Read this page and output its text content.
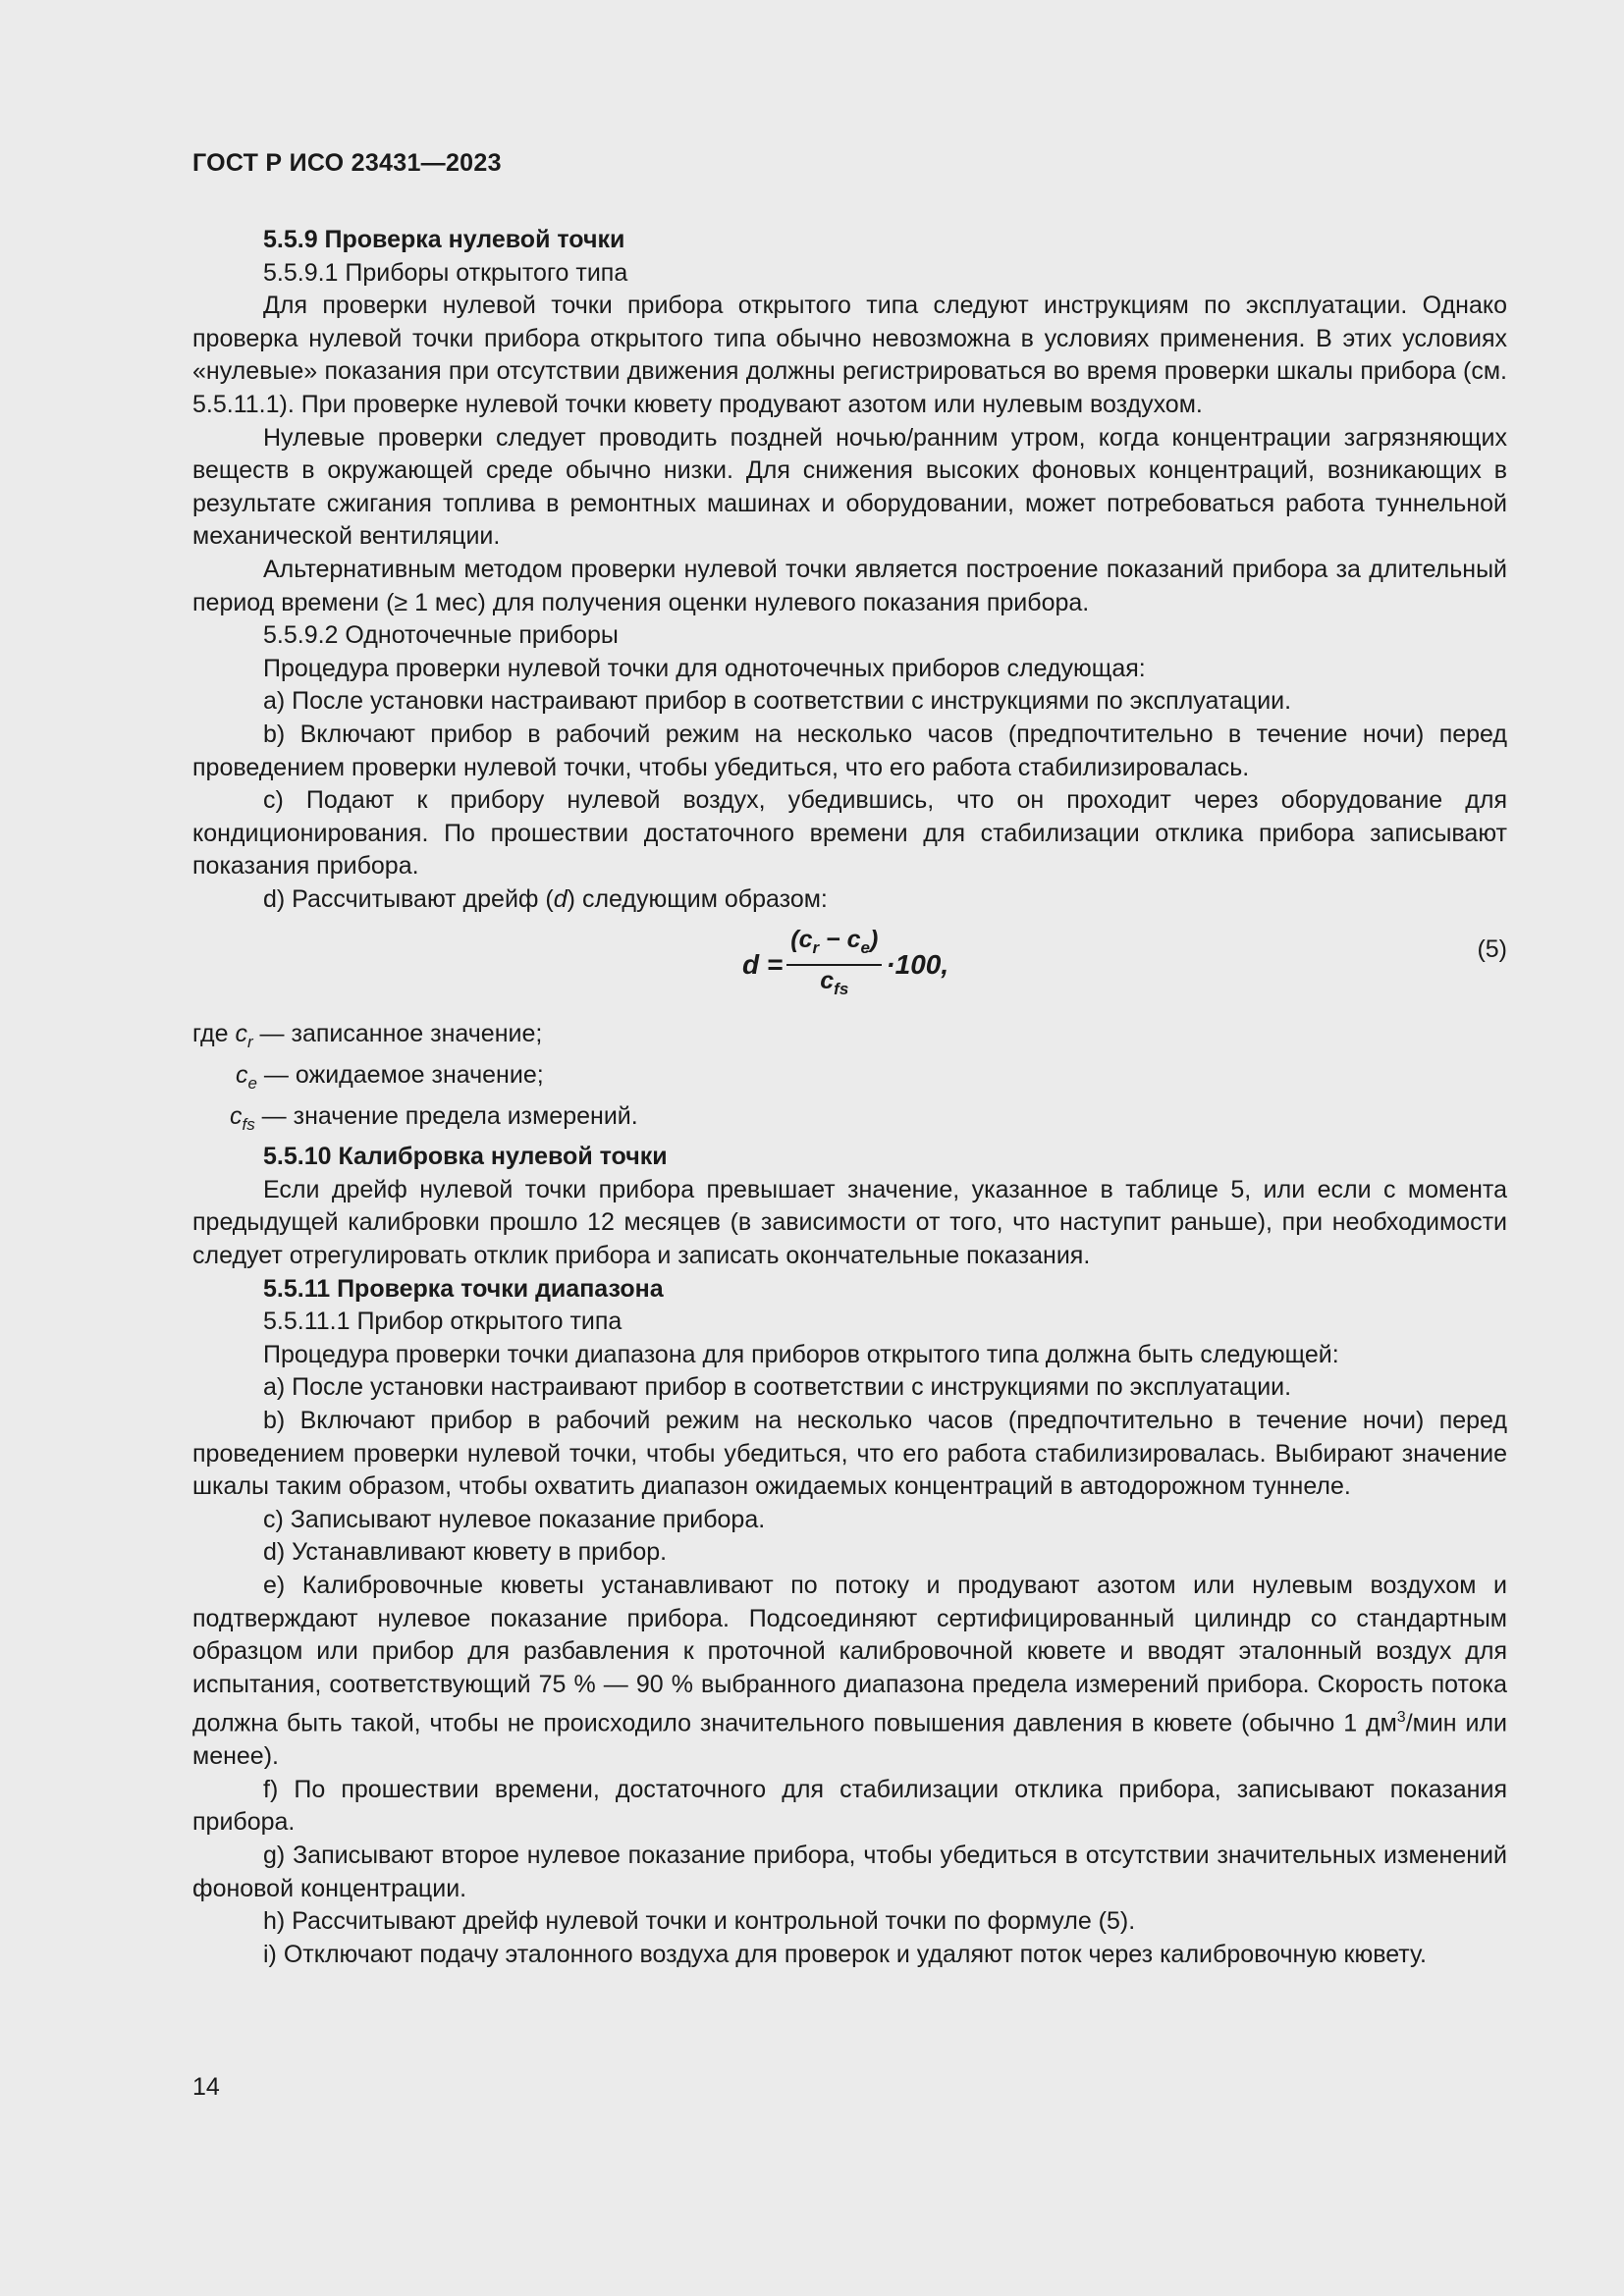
ГОСТ Р ИСО 23431—2023

5.5.9 Проверка нулевой точки

5.5.9.1 Приборы открытого типа

Для проверки нулевой точки прибора открытого типа следуют инструкциям по эксплуатации. Однако проверка нулевой точки прибора открытого типа обычно невозможна в условиях применения. В этих условиях «нулевые» показания при отсутствии движения должны регистрироваться во время проверки шкалы прибора (см. 5.5.11.1). При проверке нулевой точки кювету продувают азотом или нулевым воздухом.

Нулевые проверки следует проводить поздней ночью/ранним утром, когда концентрации загрязняющих веществ в окружающей среде обычно низки. Для снижения высоких фоновых концентраций, возникающих в результате сжигания топлива в ремонтных машинах и оборудовании, может потребоваться работа туннельной механической вентиляции.

Альтернативным методом проверки нулевой точки является построение показаний прибора за длительный период времени (≥ 1 мес) для получения оценки нулевого показания прибора.

5.5.9.2 Одноточечные приборы

Процедура проверки нулевой точки для одноточечных приборов следующая:

a) После установки настраивают прибор в соответствии с инструкциями по эксплуатации.

b) Включают прибор в рабочий режим на несколько часов (предпочтительно в течение ночи) перед проведением проверки нулевой точки, чтобы убедиться, что его работа стабилизировалась.

c) Подают к прибору нулевой воздух, убедившись, что он проходит через оборудование для кондиционирования. По прошествии достаточного времени для стабилизации отклика прибора записывают показания прибора.

d) Рассчитывают дрейф (d) следующим образом:

d
= $\frac{(c_r - c_e)}{c_{fs}} \cdot 100$,	(5)

где $c_r$ — записанное значение;

$c_e$ — ожидаемое значение;

$c_{fs}$ — значение предела измерений.

5.5.10 Калибровка нулевой точки

Если дрейф нулевой точки прибора превышает значение, указанное в таблице 5, или если с момента предыдущей калибровки прошло 12 месяцев (в зависимости от того, что наступит раньше), при необходимости следует отрегулировать отклик прибора и записать окончательные показания.

5.5.11 Проверка точки диапазона

5.5.11.1 Прибор открытого типа

Процедура проверки точки диапазона для приборов открытого типа должна быть следующей:

a) После установки настраивают прибор в соответствии с инструкциями по эксплуатации.

b) Включают прибор в рабочий режим на несколько часов (предпочтительно в течение ночи) перед проведением проверки нулевой точки, чтобы убедиться, что его работа стабилизировалась. Выбирают значение шкалы таким образом, чтобы охватить диапазон ожидаемых концентраций в автодорожном туннеле.

c) Записывают нулевое показание прибора.

d) Устанавливают кювету в прибор.

e) Калибровочные кюветы устанавливают по потоку и продувают азотом или нулевым воздухом и подтверждают нулевое показание прибора. Подсоединяют сертифицированный цилиндр со стандартным образцом или прибор для разбавления к проточной калибровочной кювете и вводят эталонный воздух для испытания, соответствующий 75 % — 90 % выбранного диапазона предела измерений прибора. Скорость потока должна быть такой, чтобы не происходило значительного повышения давления в кювете (обычно 1 $дм^3$/мин или менее).

f) По прошествии времени, достаточного для стабилизации отклика прибора, записывают показания прибора.

g) Записывают второе нулевое показание прибора, чтобы убедиться в отсутствии значительных изменений фоновой концентрации.

h) Рассчитывают дрейф нулевой точки и контрольной точки по формуле (5).

i) Отключают подачу эталонного воздуха для проверок и удаляют поток через калибровочную кювету.

14
